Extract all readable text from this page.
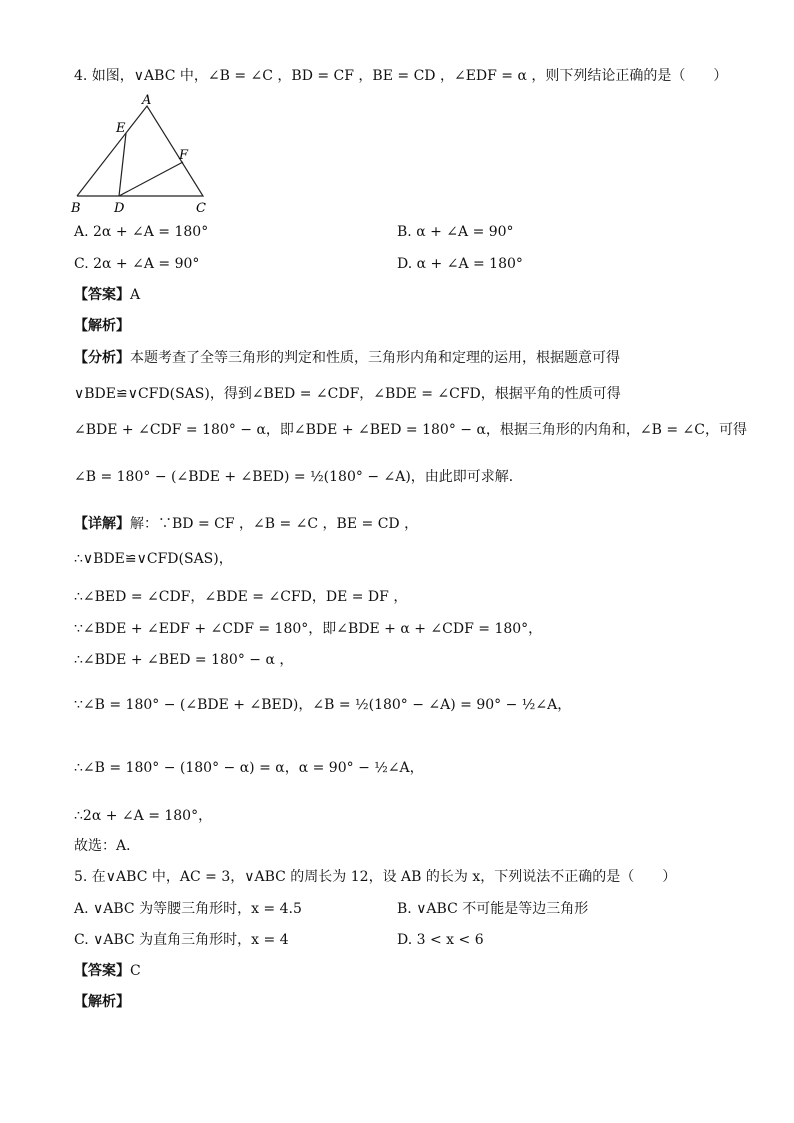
4. 如图，∨ABC 中，∠B = ∠C ，BD = CF ，BE = CD ，∠EDF = α ，则下列结论正确的是（　　）
A
E
F
B	D	C
A. 2α + ∠A = 180°	B. α + ∠A = 90°
C. 2α + ∠A = 90°	D. α + ∠A = 180°
【答案】A
【解析】
【分析】本题考查了全等三角形的判定和性质，三角形内角和定理的运用，根据题意可得
∨BDE≌∨CFD(SAS)，得到∠BED = ∠CDF，∠BDE = ∠CFD，根据平角的性质可得
∠BDE + ∠CDF = 180° − α，即∠BDE + ∠BED = 180° − α，根据三角形的内角和，∠B = ∠C，可得
∠B = 180° − (∠BDE + ∠BED) = ½(180° − ∠A)，由此即可求解．
【详解】解：∵BD = CF ，∠B = ∠C ，BE = CD ，
∴∨BDE≌∨CFD(SAS)，
∴∠BED = ∠CDF，∠BDE = ∠CFD，DE = DF ，
∵∠BDE + ∠EDF + ∠CDF = 180°，即∠BDE + α + ∠CDF = 180°，
∴∠BDE + ∠BED = 180° − α ，
∵∠B = 180° − (∠BDE + ∠BED)，∠B = ½(180° − ∠A) = 90° − ½∠A，
∴∠B = 180° − (180° − α) = α，α = 90° − ½∠A，
∴2α + ∠A = 180°，
故选：A．
5. 在∨ABC 中，AC = 3，∨ABC 的周长为 12，设 AB 的长为 x，下列说法不正确的是（　　）
A. ∨ABC 为等腰三角形时，x = 4.5	B. ∨ABC 不可能是等边三角形
C. ∨ABC 为直角三角形时，x = 4	D. 3 < x < 6
【答案】C
【解析】
